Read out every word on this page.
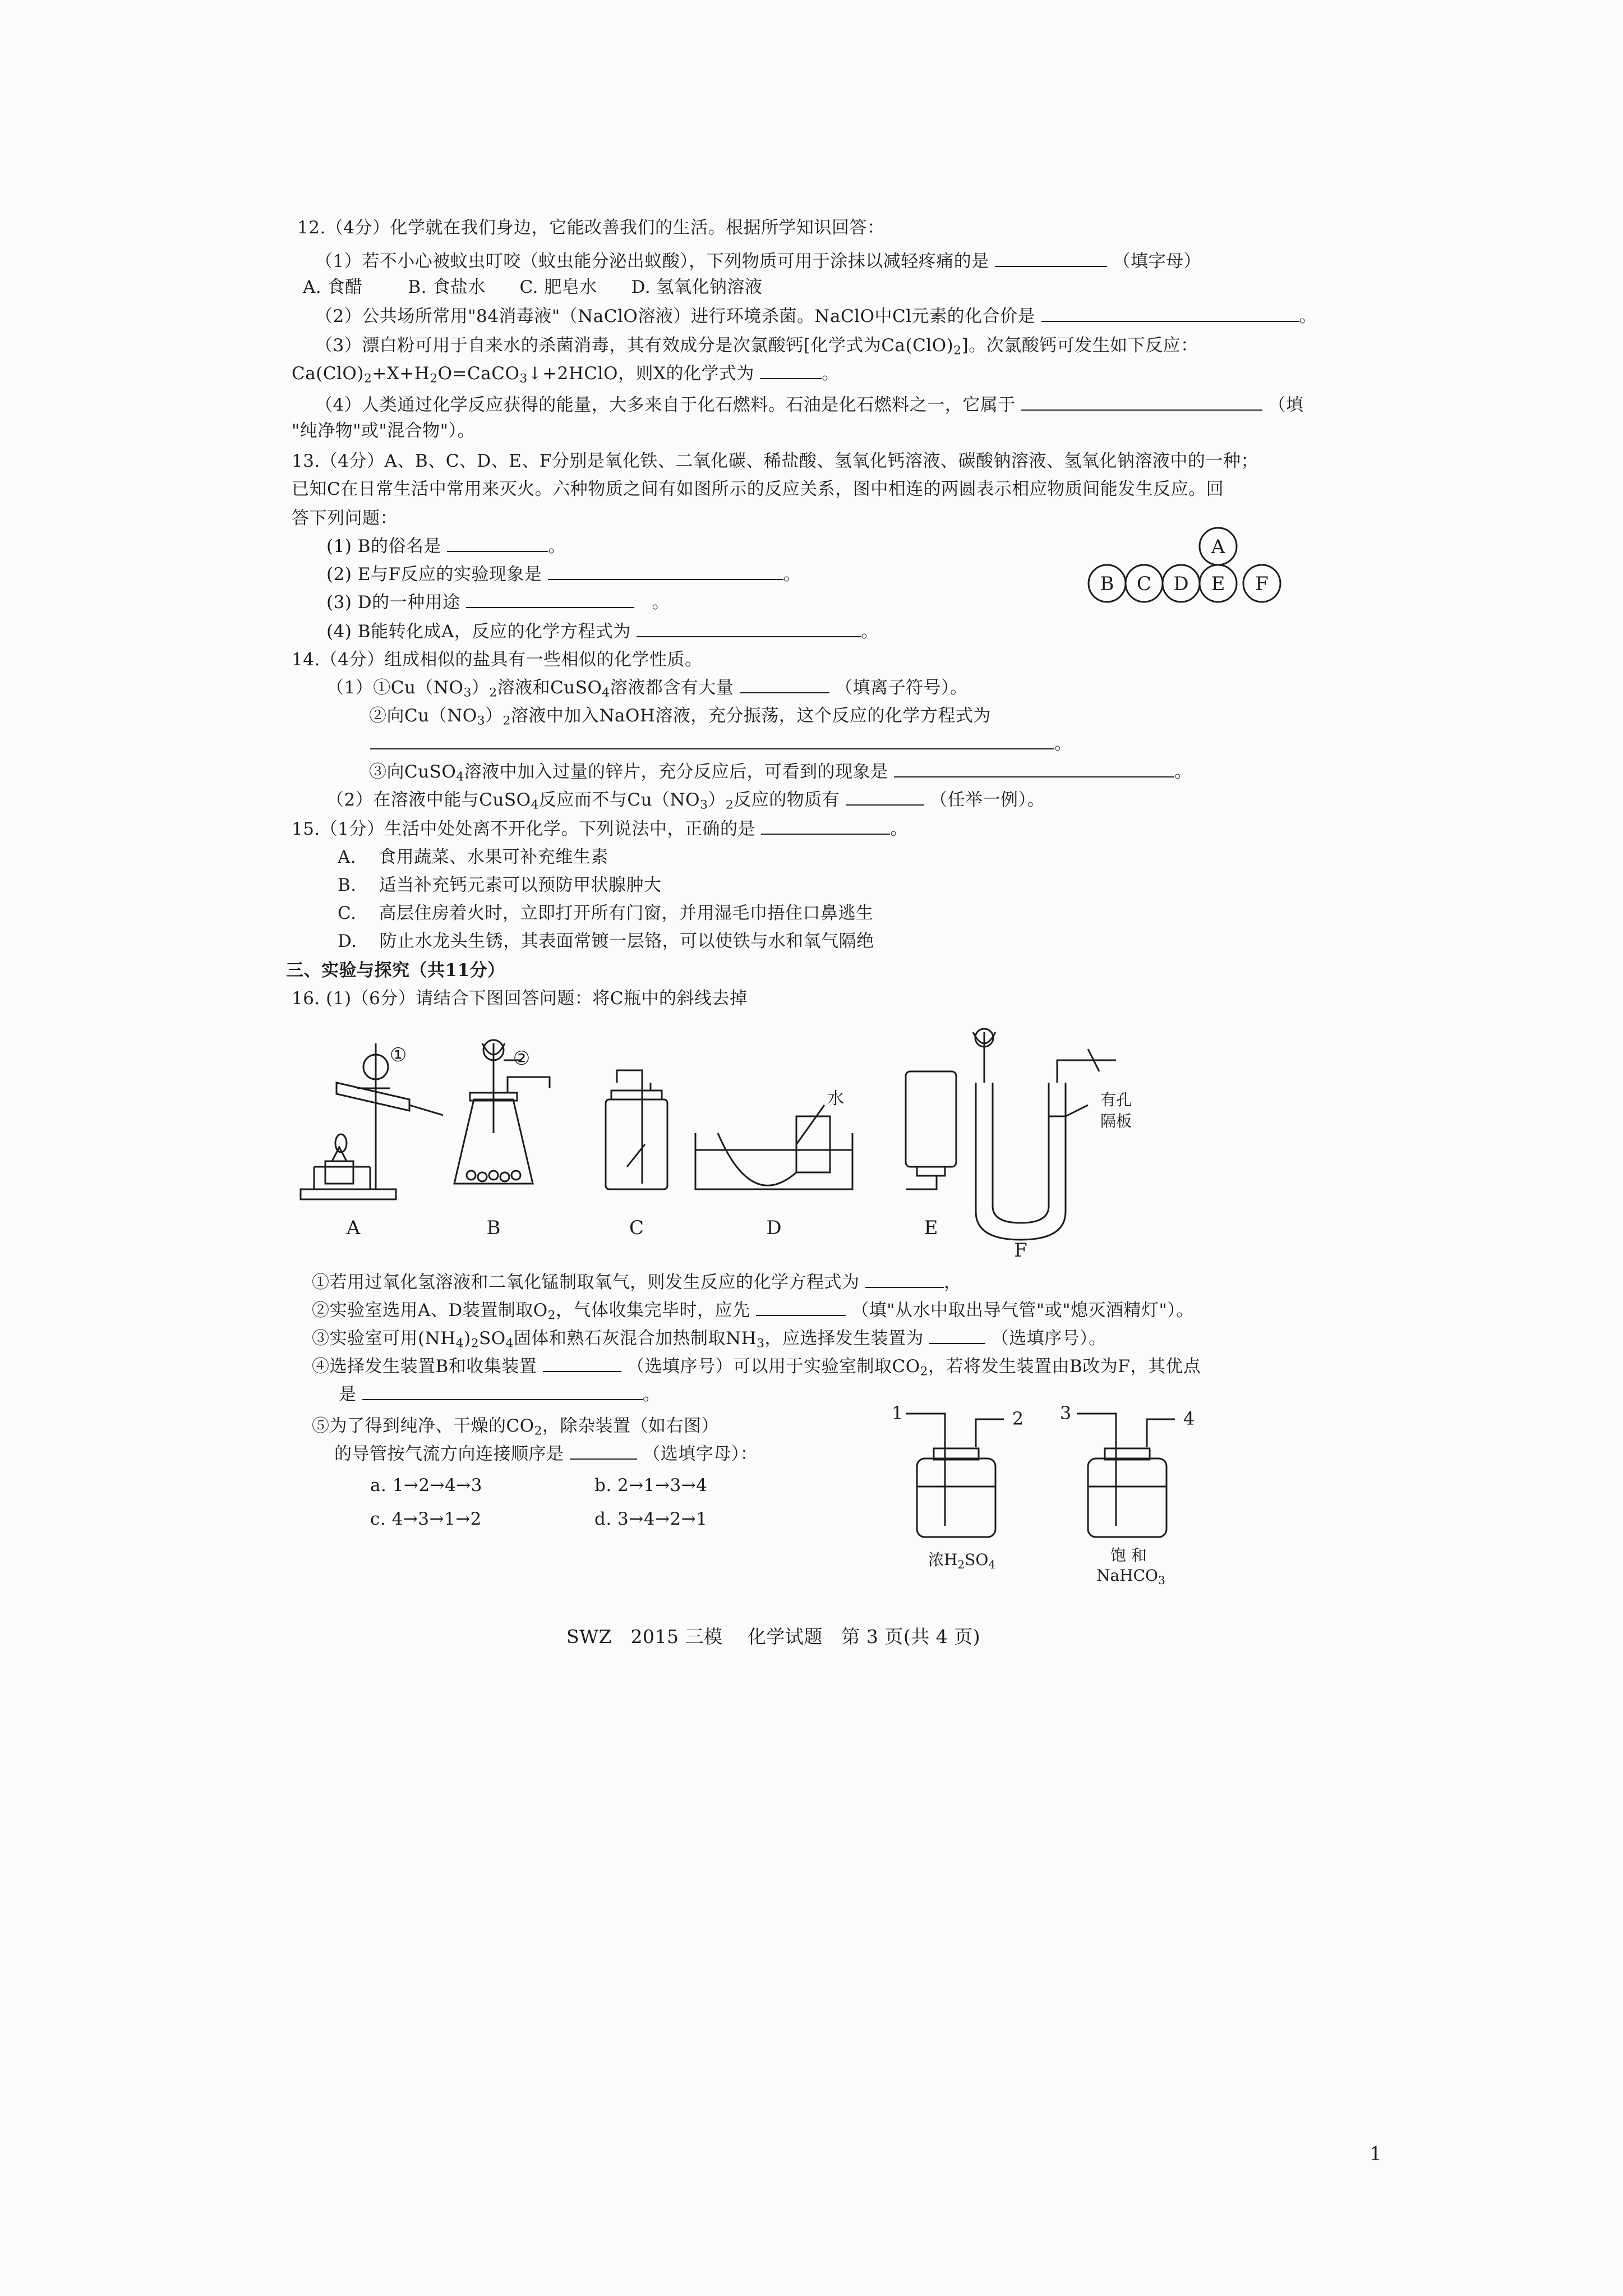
12.（4分）化学就在我们身边，它能改善我们的生活。根据所学知识回答：
（1）若不小心被蚊虫叮咬（蚊虫能分泌出蚁酸），下列物质可用于涂抹以减轻疼痛的是	（填字母）
A. 食醋	B. 食盐水 C. 肥皂水 D. 氢氧化钠溶液
（2）公共场所常用"84消毒液"（NaClO溶液）进行环境杀菌。NaClO中Cl元素的化合价是	。
（3）漂白粉可用于自来水的杀菌消毒，其有效成分是次氯酸钙[化学式为$Ca(ClO)_2$]。次氯酸钙可发生如下反应：
$Ca(ClO)_2+X+H_2O=CaCO_3↓+2HClO$，则X的化学式为	。
（4）人类通过化学反应获得的能量，大多来自于化石燃料。石油是化石燃料之一，它属于	（填
"纯净物"或"混合物"）。
13.（4分）A、B、C、D、E、F分别是氧化铁、二氧化碳、稀盐酸、氢氧化钙溶液、碳酸钠溶液、氢氧化钠溶液中的一种；
已知C在日常生活中常用来灭火。六种物质之间有如图所示的反应关系，图中相连的两圆表示相应物质间能发生反应。回
答下列问题：
(1) B的俗名是	。
(2) E与F反应的实验现象是	。
(3) D的一种用途	　。
(4) B能转化成A，反应的化学方程式为	。
A
B C D E F
14.（4分）组成相似的盐具有一些相似的化学性质。
$(1)①Cu(NO_3)_2$溶液和CuSO$_4$溶液都含有大量	（填离子符号）。
②向$Cu(NO_3)_2$溶液中加入NaOH溶液，充分振荡，这个反应的化学方程式为
。
③向CuSO$_4$溶液中加入过量的锌片，充分反应后，可看到的现象是	。
（2）在溶液中能与CuSO$_4$反应而不与$Cu(NO_3)_2$反应的物质有	（任举一例）。
15.（1分）生活中处处离不开化学。下列说法中，正确的是	。
A. 食用蔬菜、水果可补充维生素
B. 适当补充钙元素可以预防甲状腺肿大
C. 高层住房着火时，立即打开所有门窗，并用湿毛巾捂住口鼻逃生
D. 防止水龙头生锈，其表面常镀一层铬，可以使铁与水和氧气隔绝
三、实验与探究（共11分）
16. (1)（6分）请结合下图回答问题：将C瓶中的斜线去掉
A	B	C	D	E
F
①	②
水	有孔
隔板
①若用过氧化氢溶液和二氧化锰制取氧气，则发生反应的化学方程式为	，
②实验室选用A、D装置制取$O_2$，气体收集完毕时，应先	（填"从水中取出导气管"或"熄灭酒精灯"）。
③实验室可用$(NH_4)_2SO_4$固体和熟石灰混合加热制取$NH_3$，应选择发生装置为	（选填序号）。
④选择发生装置B和收集装置	（选填序号）可以用于实验室制取$CO_2$，若将发生装置由B改为F，其优点
是	。
⑤为了得到纯净、干燥的$CO_2$，除杂装置（如右图）
的导管按气流方向连接顺序是	（选填字母）：
a. 1→2→4→3	b. 2→1→3→4
c. 4→3→1→2	d. 3→4→2→1
1	2 3	4
浓$H_2SO_4$	饱 和
NaHCO$_3$
SWZ　2015 三模　 化学试题　第 3 页(共 4 页)
1
